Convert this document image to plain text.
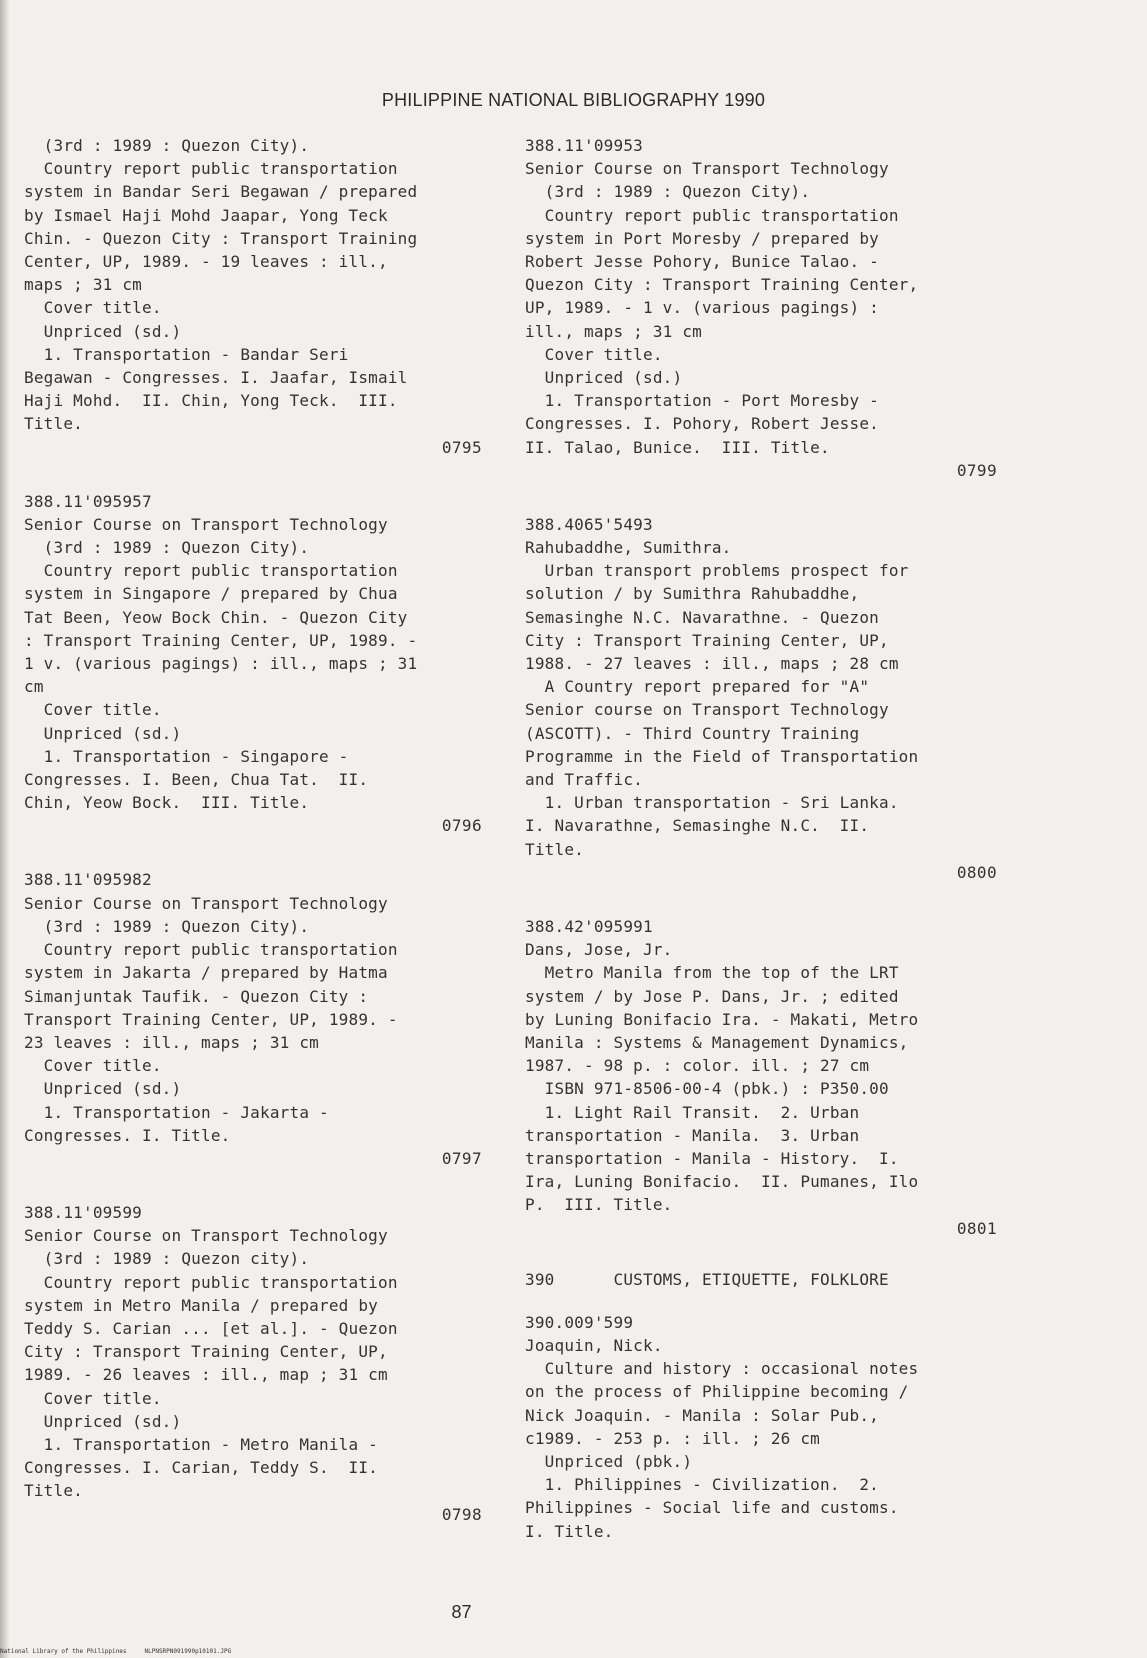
PHILIPPINE NATIONAL BIBLIOGRAPHY 1990
(3rd : 1989 : Quezon City).
Country report public transportation
system in Bandar Seri Begawan / prepared
by Ismael Haji Mohd Jaapar, Yong Teck
Chin. - Quezon City : Transport Training
Center, UP, 1989. - 19 leaves : ill.,
maps ; 31 cm
Cover title.
Unpriced (sd.)
1. Transportation - Bandar Seri
Begawan - Congresses. I. Jaafar, Ismail
Haji Mohd.  II. Chin, Yong Teck.  III.
Title.
0795
388.11'095957
Senior Course on Transport Technology
(3rd : 1989 : Quezon City).
Country report public transportation
system in Singapore / prepared by Chua
Tat Been, Yeow Bock Chin. - Quezon City
: Transport Training Center, UP, 1989. -
1 v. (various pagings) : ill., maps ; 31
cm
Cover title.
Unpriced (sd.)
1. Transportation - Singapore -
Congresses. I. Been, Chua Tat.  II.
Chin, Yeow Bock.  III. Title.
0796
388.11'095982
Senior Course on Transport Technology
(3rd : 1989 : Quezon City).
Country report public transportation
system in Jakarta / prepared by Hatma
Simanjuntak Taufik. - Quezon City :
Transport Training Center, UP, 1989. -
23 leaves : ill., maps ; 31 cm
Cover title.
Unpriced (sd.)
1. Transportation - Jakarta -
Congresses. I. Title.
0797
388.11'09599
Senior Course on Transport Technology
(3rd : 1989 : Quezon city).
Country report public transportation
system in Metro Manila / prepared by
Teddy S. Carian ... [et al.]. - Quezon
City : Transport Training Center, UP,
1989. - 26 leaves : ill., map ; 31 cm
Cover title.
Unpriced (sd.)
1. Transportation - Metro Manila -
Congresses. I. Carian, Teddy S.  II.
Title.
0798
388.11'09953
Senior Course on Transport Technology
(3rd : 1989 : Quezon City).
Country report public transportation
system in Port Moresby / prepared by
Robert Jesse Pohory, Bunice Talao. -
Quezon City : Transport Training Center,
UP, 1989. - 1 v. (various pagings) :
ill., maps ; 31 cm
Cover title.
Unpriced (sd.)
1. Transportation - Port Moresby -
Congresses. I. Pohory, Robert Jesse.
II. Talao, Bunice.  III. Title.
0799
388.4065'5493
Rahubaddhe, Sumithra.
Urban transport problems prospect for
solution / by Sumithra Rahubaddhe,
Semasinghe N.C. Navarathne. - Quezon
City : Transport Training Center, UP,
1988. - 27 leaves : ill., maps ; 28 cm
A Country report prepared for "A"
Senior course on Transport Technology
(ASCOTT). - Third Country Training
Programme in the Field of Transportation
and Traffic.
1. Urban transportation - Sri Lanka.
I. Navarathne, Semasinghe N.C.  II.
Title.
0800
388.42'095991
Dans, Jose, Jr.
Metro Manila from the top of the LRT
system / by Jose P. Dans, Jr. ; edited
by Luning Bonifacio Ira. - Makati, Metro
Manila : Systems & Management Dynamics,
1987. - 98 p. : color. ill. ; 27 cm
ISBN 971-8506-00-4 (pbk.) : P350.00
1. Light Rail Transit.  2. Urban
transportation - Manila.  3. Urban
transportation - Manila - History.  I.
Ira, Luning Bonifacio.  II. Pumanes, Ilo
P.  III. Title.
0801
390      CUSTOMS, ETIQUETTE, FOLKLORE
390.009'599
Joaquin, Nick.
Culture and history : occasional notes
on the process of Philippine becoming /
Nick Joaquin. - Manila : Solar Pub.,
c1989. - 253 p. : ill. ; 26 cm
Unpriced (pbk.)
1. Philippines - Civilization.  2.
Philippines - Social life and customs.
I. Title.
87
National Library of the Philippines     NLPNSRPN091990p10101.JPG
